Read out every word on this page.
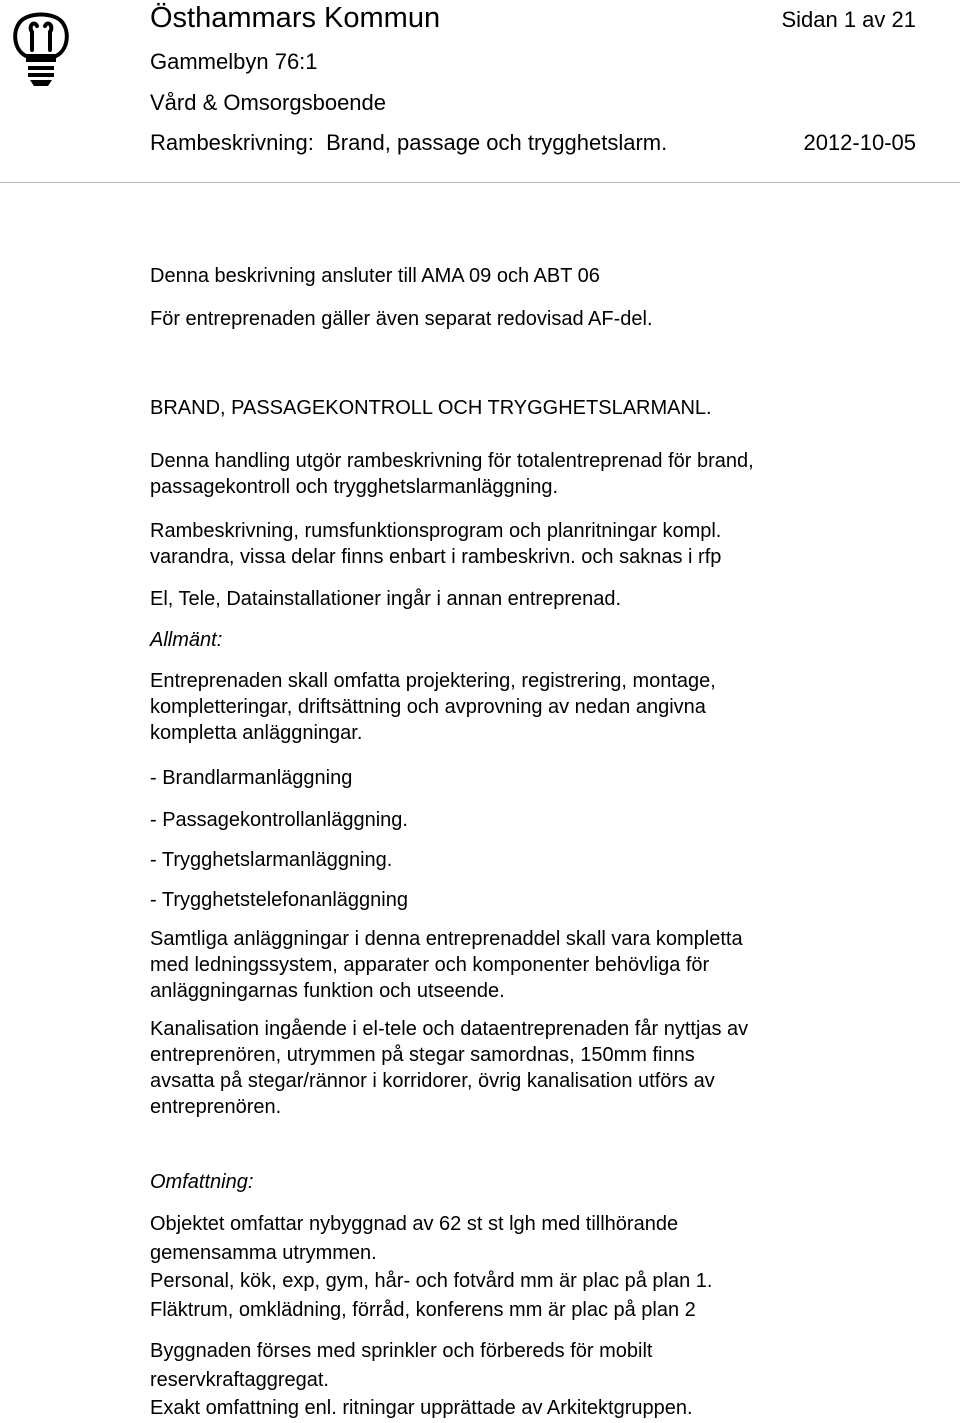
Östhammars Kommun	Sidan 1 av 21
Gammelbyn 76:1
Vård & Omsorgsboende
Rambeskrivning:  Brand, passage och trygghetslarm.	2012-10-05
Denna beskrivning ansluter till AMA 09 och ABT 06
För entreprenaden gäller även separat redovisad AF-del.
BRAND, PASSAGEKONTROLL OCH TRYGGHETSLARMANL.

Denna handling utgör rambeskrivning för totalentreprenad för brand,

passagekontroll och trygghetslarmanläggning.

Rambeskrivning, rumsfunktionsprogram och planritningar kompl.

varandra, vissa delar finns enbart i rambeskrivn. och saknas i rfp

El, Tele, Datainstallationer ingår i annan entreprenad.
Allmänt:

Entreprenaden skall omfatta projektering, registrering, montage,

kompletteringar, driftsättning och avprovning av nedan angivna

kompletta anläggningar.

- Brandlarmanläggning
- Passagekontrollanläggning.
- Trygghetslarmanläggning.
- Trygghetstelefonanläggning

Samtliga anläggningar i denna entreprenaddel skall vara kompletta

med ledningssystem, apparater och komponenter behövliga för

anläggningarnas funktion och utseende.

Kanalisation ingående i el-tele och dataentreprenaden får nyttjas av

entreprenören, utrymmen på stegar samordnas, 150mm finns

avsatta på stegar/rännor i korridorer, övrig kanalisation utförs av

entreprenören.

Omfattning:

Objektet omfattar nybyggnad av 62 st st lgh med tillhörande

gemensamma utrymmen.

Personal, kök, exp, gym, hår- och fotvård mm är plac på plan 1.

Fläktrum, omklädning, förråd, konferens mm är plac på plan 2

Byggnaden förses med sprinkler och förbereds för mobilt

reservkraftaggregat.

Exakt omfattning enl. ritningar upprättade av Arkitektgruppen.
